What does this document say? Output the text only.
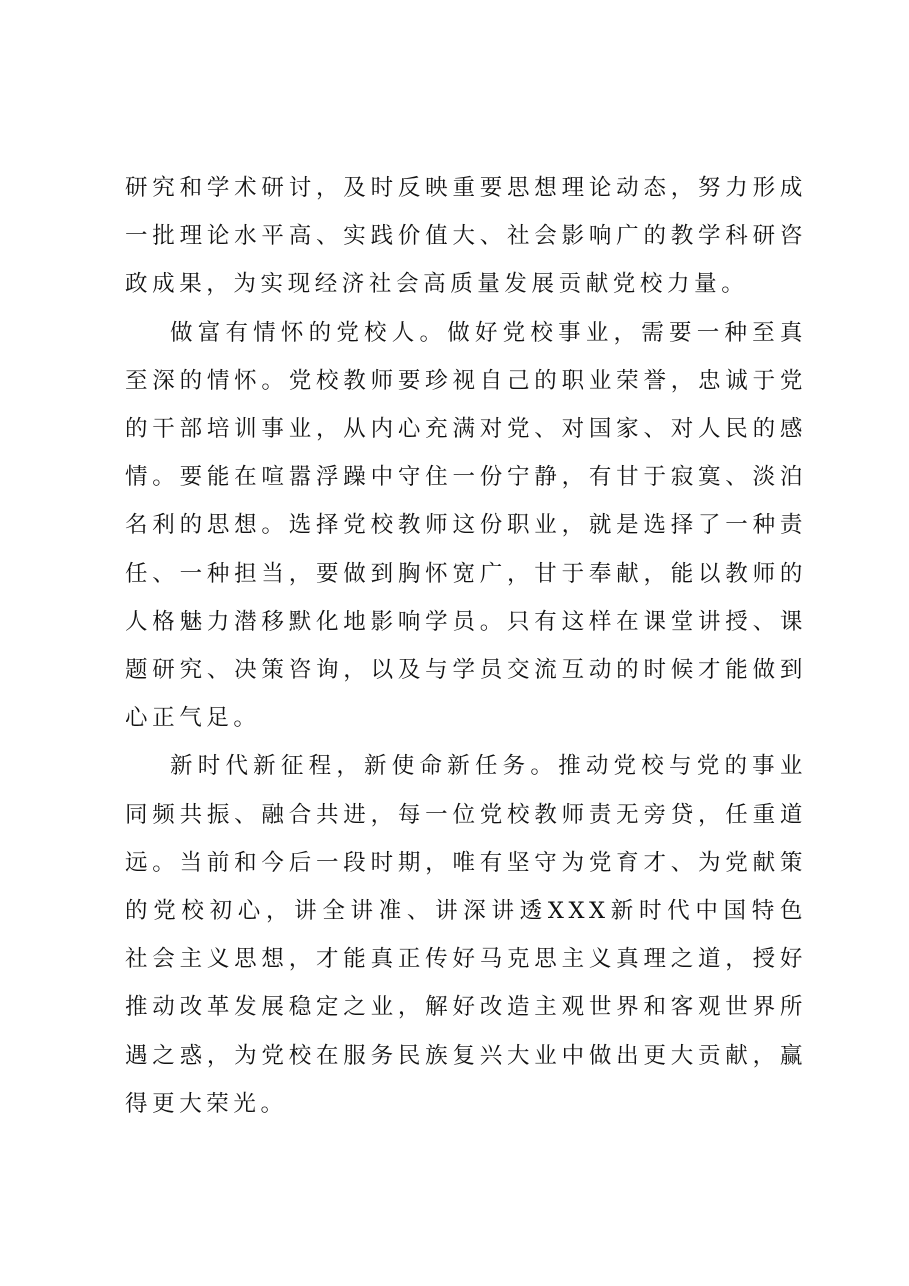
研究和学术研讨，及时反映重要思想理论动态，努力形成一批理论水平高、实践价值大、社会影响广的教学科研咨政成果，为实现经济社会高质量发展贡献党校力量。

做富有情怀的党校人。做好党校事业，需要一种至真至深的情怀。党校教师要珍视自己的职业荣誉，忠诚于党的干部培训事业，从内心充满对党、对国家、对人民的感情。要能在喧嚣浮躁中守住一份宁静，有甘于寂寞、淡泊名利的思想。选择党校教师这份职业，就是选择了一种责任、一种担当，要做到胸怀宽广，甘于奉献，能以教师的人格魅力潜移默化地影响学员。只有这样在课堂讲授、课题研究、决策咨询，以及与学员交流互动的时候才能做到心正气足。

新时代新征程，新使命新任务。推动党校与党的事业同频共振、融合共进，每一位党校教师责无旁贷，任重道远。当前和今后一段时期，唯有坚守为党育才、为党献策的党校初心，讲全讲准、讲深讲透XXX新时代中国特色社会主义思想，才能真正传好马克思主义真理之道，授好推动改革发展稳定之业，解好改造主观世界和客观世界所遇之惑，为党校在服务民族复兴大业中做出更大贡献，赢得更大荣光。
